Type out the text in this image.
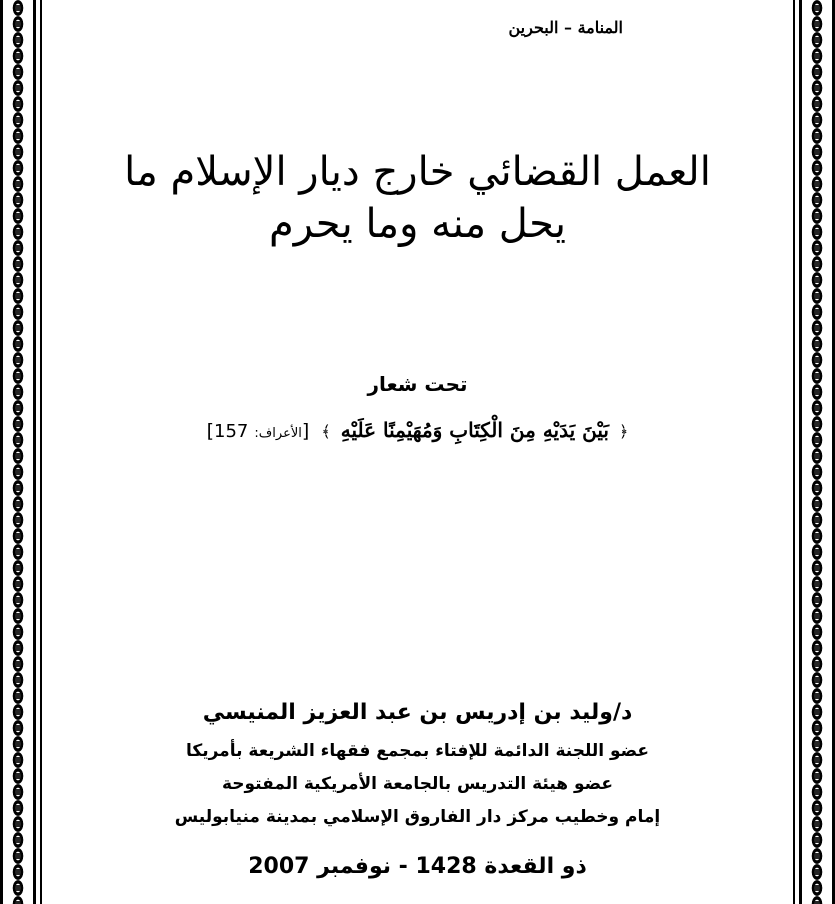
المنامة – البحرين
العمل القضائي خارج ديار الإسلام ما
يحل منه وما يحرم
تحت شعار
﴿ بَيْنَ يَدَيْهِ مِنَ الْكِتَابِ وَمُهَيْمِنًا عَلَيْهِ ﴾ [الأعراف: 157]
د/وليد بن إدريس بن عبد العزيز المنيسي
عضو اللجنة الدائمة للإفتاء بمجمع فقهاء الشريعة بأمريكا
عضو هيئة التدريس بالجامعة الأمريكية المفتوحة
إمام وخطيب مركز دار الفاروق الإسلامي بمدينة منيابوليس
ذو القعدة 1428 - نوفمبر 2007
